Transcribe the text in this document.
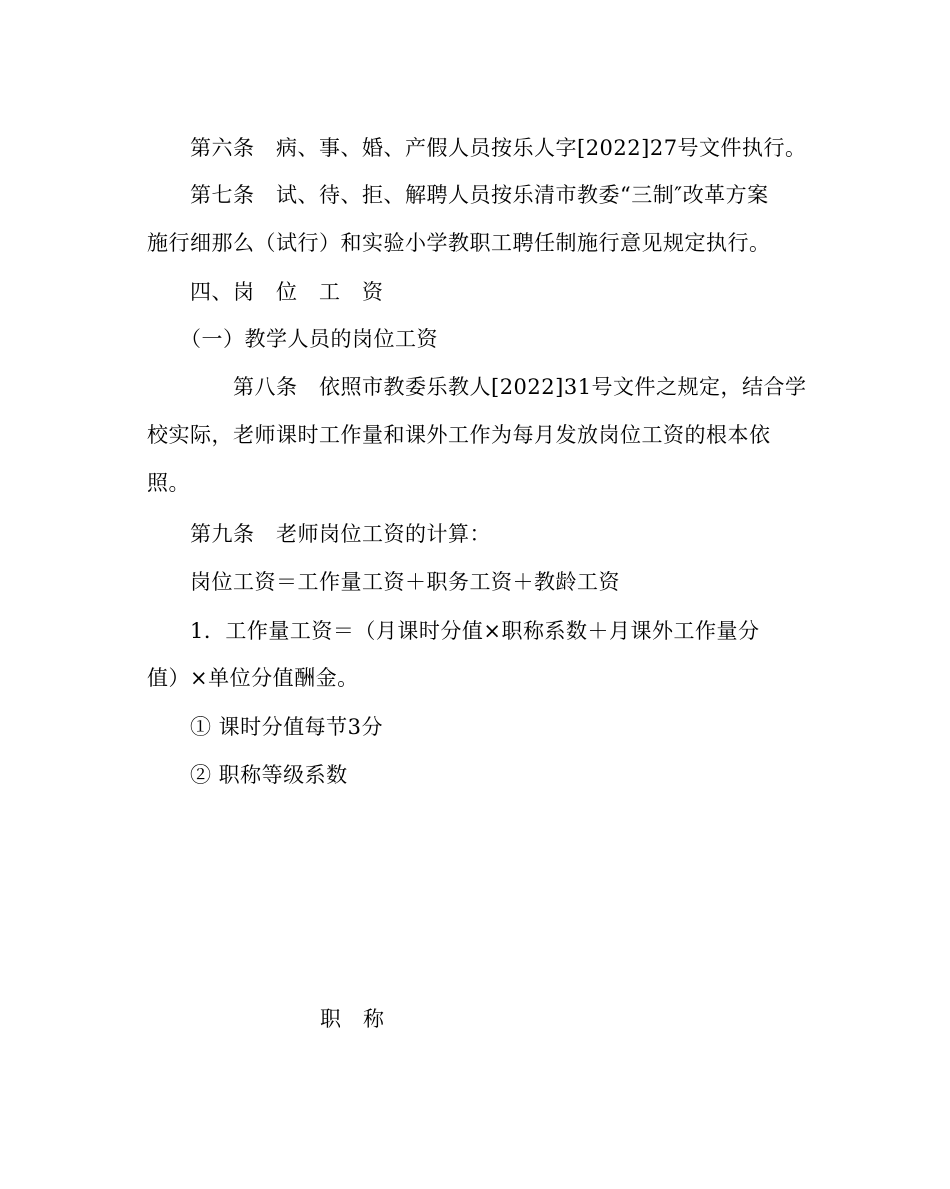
第六条　病、事、婚、产假人员按乐人字[2022]27号文件执行。
第七条　试、待、拒、解聘人员按乐清市教委“三制″改革方案
施行细那么（试行）和实验小学教职工聘任制施行意见规定执行。
四、岗　位　工　资
（一）教学人员的岗位工资
第八条　依照市教委乐教人[2022]31号文件之规定，结合学
校实际，老师课时工作量和课外工作为每月发放岗位工资的根本依
照。
第九条　老师岗位工资的计算：
岗位工资＝工作量工资＋职务工资＋教龄工资
1．工作量工资＝（月课时分值×职称系数＋月课外工作量分
值）×单位分值酬金。
① 课时分值每节3分
② 职称等级系数
职　称
